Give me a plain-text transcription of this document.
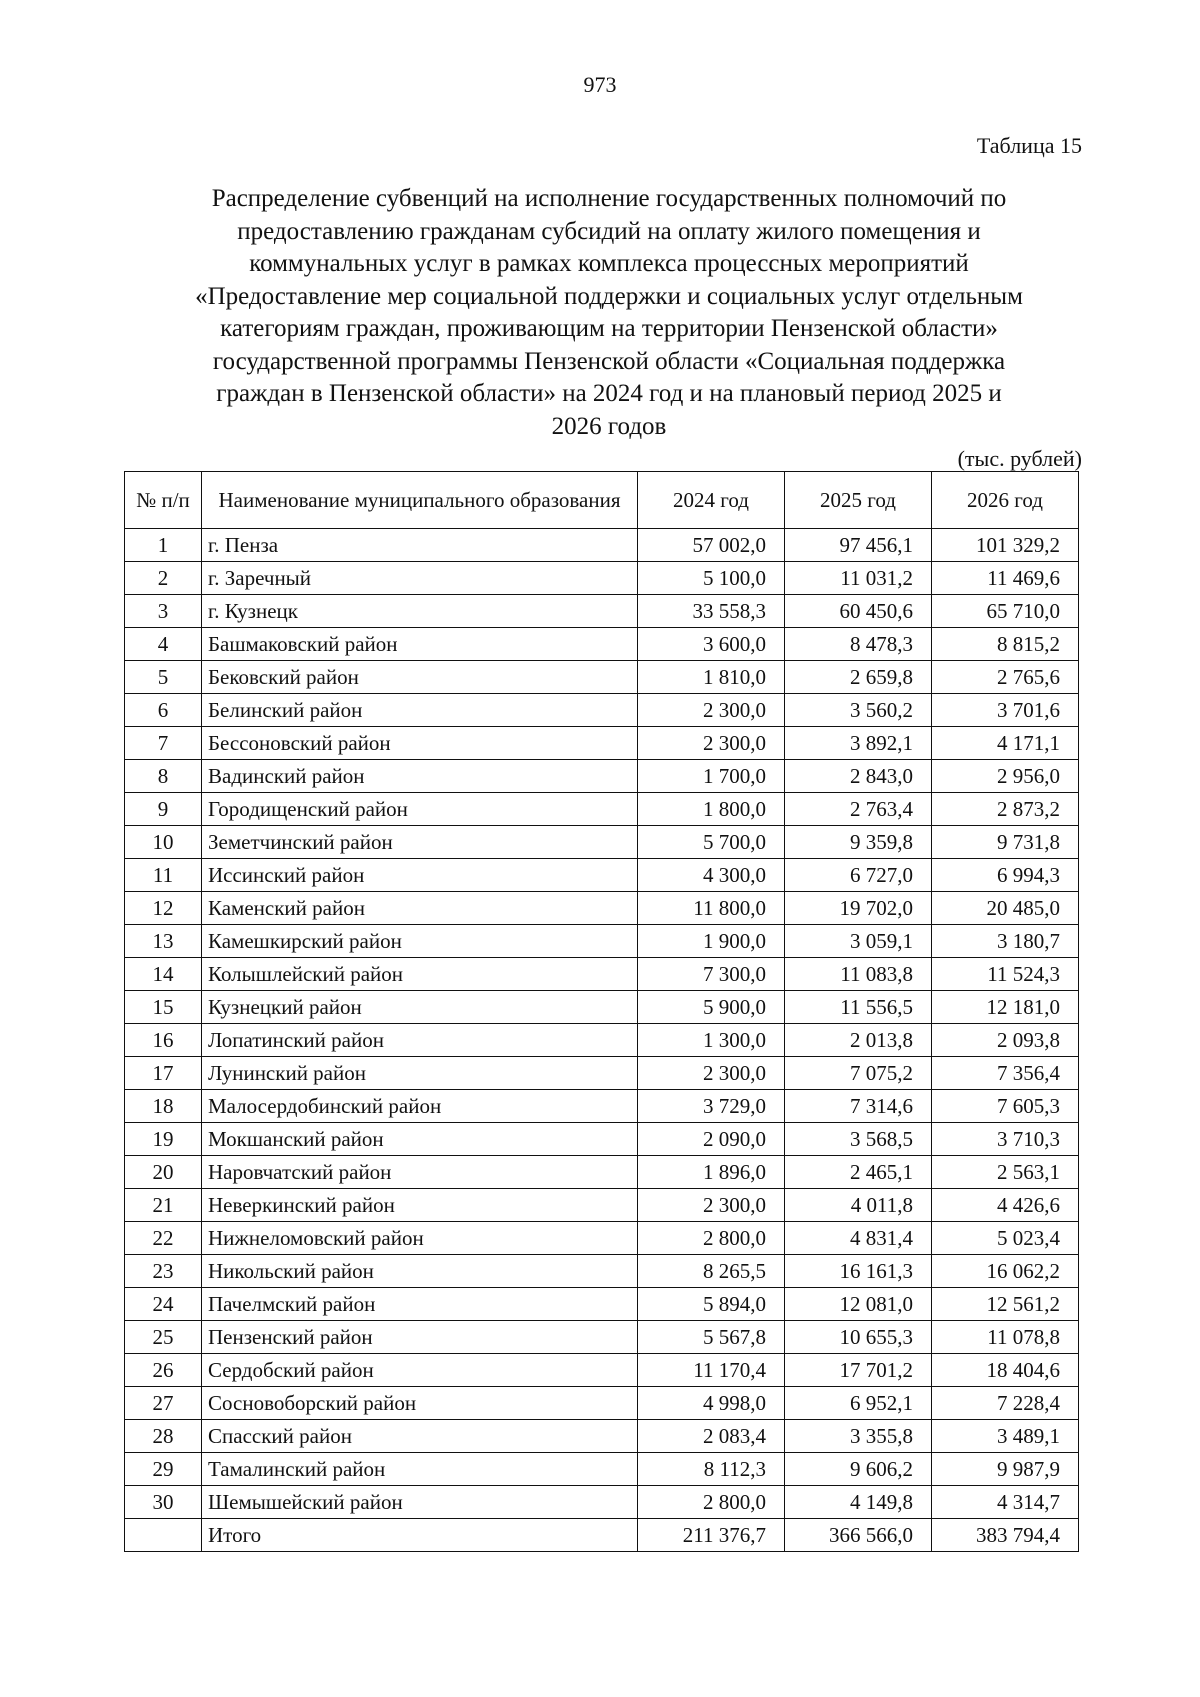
973
Таблица 15
Распределение субвенций на исполнение государственных полномочий по
предоставлению гражданам субсидий на оплату жилого помещения и
коммунальных услуг в рамках комплекса процессных мероприятий
«Предоставление мер социальной поддержки и социальных услуг отдельным
категориям граждан, проживающим на территории Пензенской области»
государственной программы Пензенской области «Социальная поддержка
граждан в Пензенской области» на 2024 год и на плановый период 2025 и
2026 годов
(тыс. рублей)
№ п/п	Наименование муниципального образования	2024 год	2025 год	2026 год
1	г. Пенза	57 002,0	97 456,1	101 329,2
2	г. Заречный	5 100,0	11 031,2	11 469,6
3	г. Кузнецк	33 558,3	60 450,6	65 710,0
4	Башмаковский район	3 600,0	8 478,3	8 815,2
5	Бековский район	1 810,0	2 659,8	2 765,6
6	Белинский район	2 300,0	3 560,2	3 701,6
7	Бессоновский район	2 300,0	3 892,1	4 171,1
8	Вадинский район	1 700,0	2 843,0	2 956,0
9	Городищенский район	1 800,0	2 763,4	2 873,2
10	Земетчинский район	5 700,0	9 359,8	9 731,8
11	Иссинский район	4 300,0	6 727,0	6 994,3
12	Каменский район	11 800,0	19 702,0	20 485,0
13	Камешкирский район	1 900,0	3 059,1	3 180,7
14	Колышлейский район	7 300,0	11 083,8	11 524,3
15	Кузнецкий район	5 900,0	11 556,5	12 181,0
16	Лопатинский район	1 300,0	2 013,8	2 093,8
17	Лунинский район	2 300,0	7 075,2	7 356,4
18	Малосердобинский район	3 729,0	7 314,6	7 605,3
19	Мокшанский район	2 090,0	3 568,5	3 710,3
20	Наровчатский район	1 896,0	2 465,1	2 563,1
21	Неверкинский район	2 300,0	4 011,8	4 426,6
22	Нижнеломовский район	2 800,0	4 831,4	5 023,4
23	Никольский район	8 265,5	16 161,3	16 062,2
24	Пачелмский район	5 894,0	12 081,0	12 561,2
25	Пензенский район	5 567,8	10 655,3	11 078,8
26	Сердобский район	11 170,4	17 701,2	18 404,6
27	Сосновоборский район	4 998,0	6 952,1	7 228,4
28	Спасский район	2 083,4	3 355,8	3 489,1
29	Тамалинский район	8 112,3	9 606,2	9 987,9
30	Шемышейский район	2 800,0	4 149,8	4 314,7
	Итого	211 376,7	366 566,0	383 794,4
